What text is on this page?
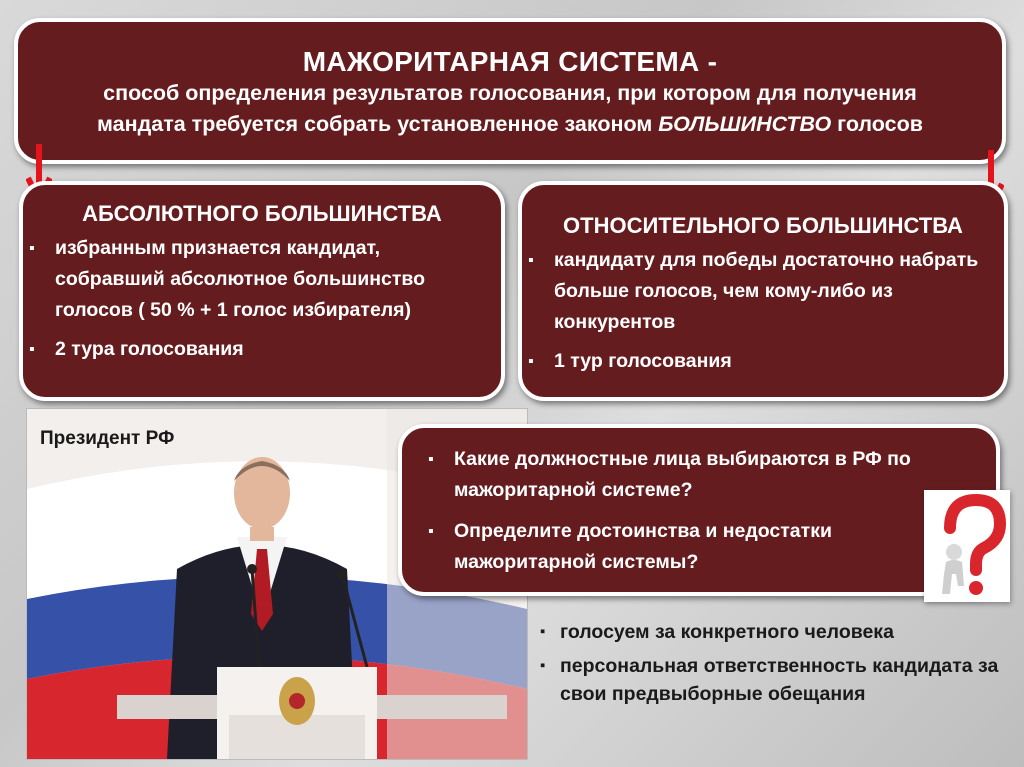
МАЖОРИТАРНАЯ СИСТЕМА -
способ определения результатов голосования, при котором для получения
мандата требуется собрать установленное законом БОЛЬШИНСТВО голосов
АБСОЛЮТНОГО БОЛЬШИНСТВА
▪ избранным признается кандидат, собравший абсолютное большинство голосов ( 50 % + 1 голос избирателя)
▪ 2 тура голосования
ОТНОСИТЕЛЬНОГО БОЛЬШИНСТВА
▪ кандидату для победы достаточно набрать больше голосов, чем кому-либо из конкурентов
▪ 1 тур голосования
Президент РФ
▪ Какие должностные лица выбираются в РФ по мажоритарной системе?
▪ Определите достоинства и недостатки мажоритарной системы?
▪ голосуем за конкретного человека
▪ персональная ответственность кандидата за свои предвыборные обещания
